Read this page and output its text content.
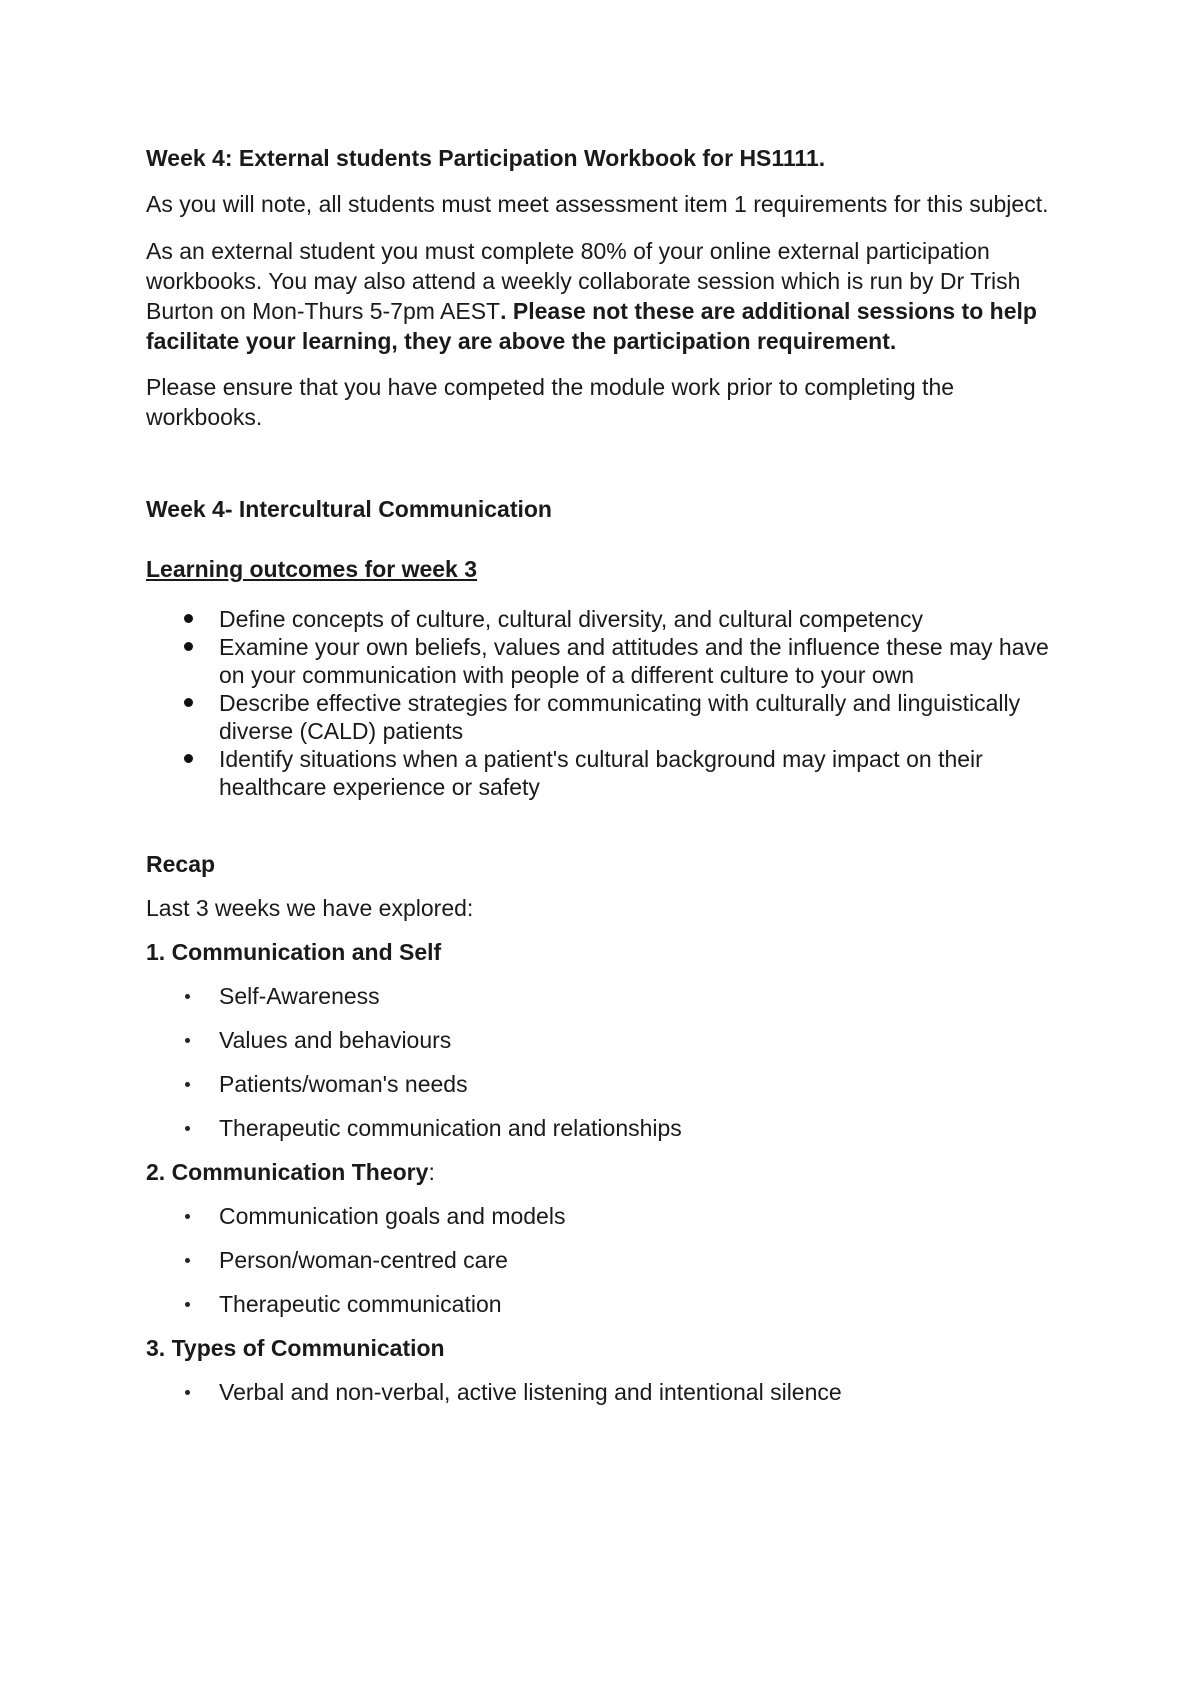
Week 4: External students Participation Workbook for HS1111.

As you will note, all students must meet assessment item 1 requirements for this subject.

As an external student you must complete 80% of your online external participation workbooks. You may also attend a weekly collaborate session which is run by Dr Trish Burton on Mon-Thurs 5-7pm AEST. Please not these are additional sessions to help facilitate your learning, they are above the participation requirement.

Please ensure that you have competed the module work prior to completing the workbooks.

Week 4- Intercultural Communication

Learning outcomes for week 3

Define concepts of culture, cultural diversity, and cultural competency
Examine your own beliefs, values and attitudes and the influence these may have on your communication with people of a different culture to your own
Describe effective strategies for communicating with culturally and linguistically diverse (CALD) patients
Identify situations when a patient's cultural background may impact on their healthcare experience or safety

Recap

Last 3 weeks we have explored:

1. Communication and Self

Self-Awareness
Values and behaviours
Patients/woman's needs
Therapeutic communication and relationships

2. Communication Theory:

Communication goals and models
Person/woman-centred care
Therapeutic communication

3. Types of Communication

Verbal and non-verbal, active listening and intentional silence
